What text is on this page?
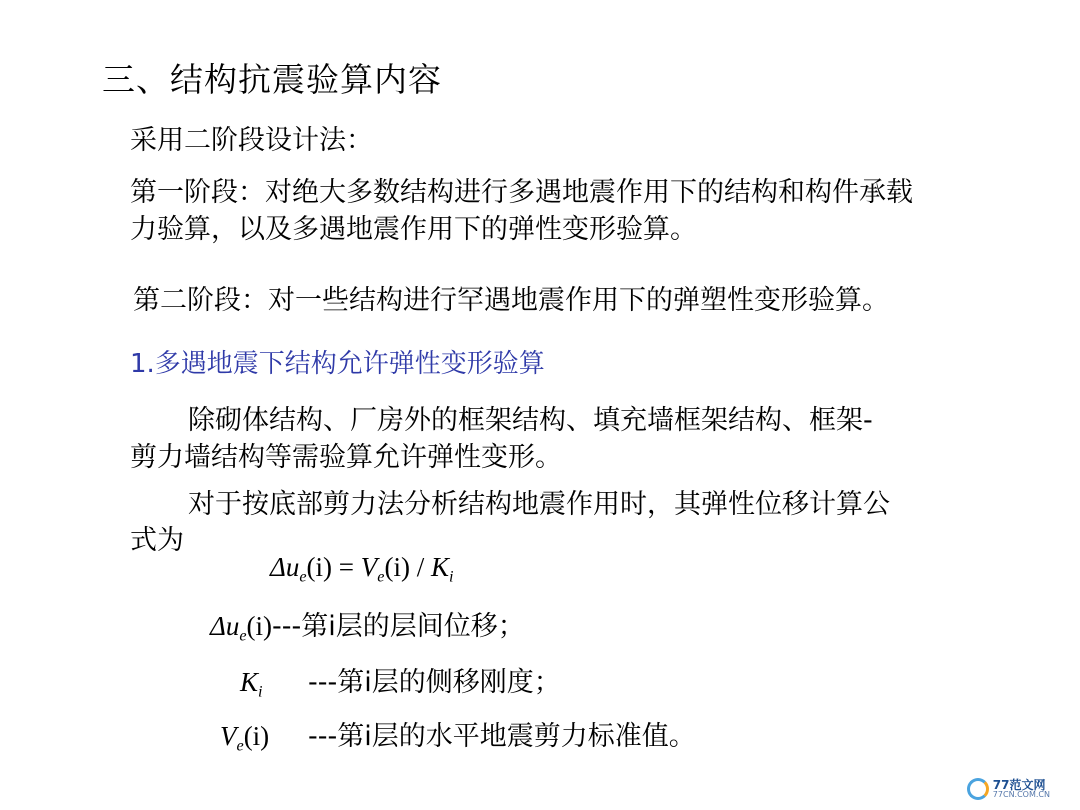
三、结构抗震验算内容
采用二阶段设计法：
第一阶段：对绝大多数结构进行多遇地震作用下的结构和构件承载
力验算，以及多遇地震作用下的弹性变形验算。
第二阶段：对一些结构进行罕遇地震作用下的弹塑性变形验算。
1.多遇地震下结构允许弹性变形验算
除砌体结构、厂房外的框架结构、填充墙框架结构、框架-
剪力墙结构等需验算允许弹性变形。
对于按底部剪力法分析结构地震作用时，其弹性位移计算公
式为
$\Delta u_e(i) = V_e(i) / K_i$
$\Delta u_e(i)---$第i层的层间位移；
$K_i$ ---第i层的侧移刚度；
$V_e(i)$ ---第i层的水平地震剪力标准值。
77范文网
77CN.COM.CN
